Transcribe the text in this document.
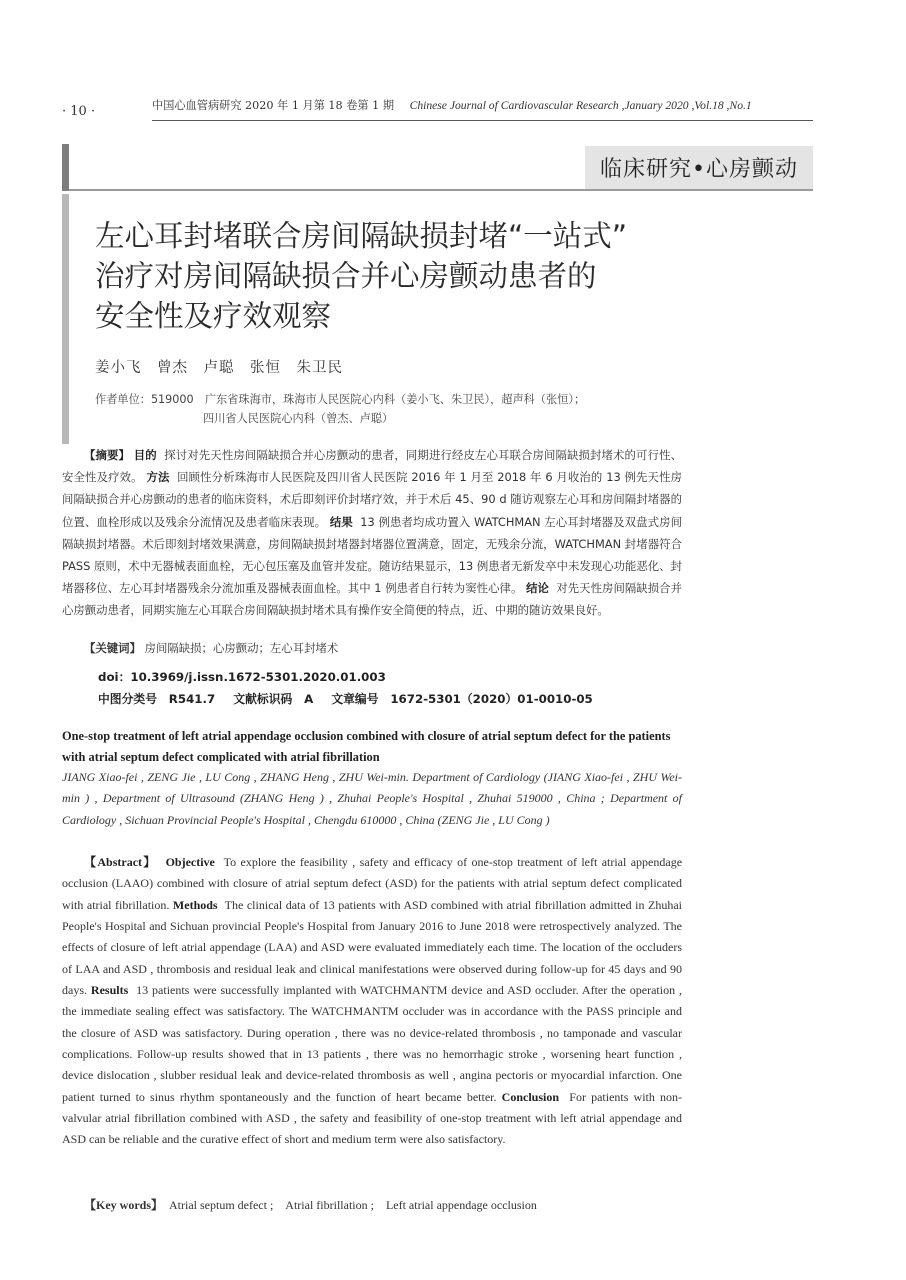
· 10 ·	中国心血管病研究 2020 年 1 月第 18 卷第 1 期 Chinese Journal of Cardiovascular Research ,January 2020 ,Vol.18 ,No.1
临床研究•心房颤动
左心耳封堵联合房间隔缺损封堵“一站式”
治疗对房间隔缺损合并心房颤动患者的
安全性及疗效观察
姜小飞　曾杰　卢聪　张恒　朱卫民
作者单位：519000　广东省珠海市，珠海市人民医院心内科（姜小飞、朱卫民），超声科（张恒）；
四川省人民医院心内科（曾杰、卢聪）
【摘要】 目的 探讨对先天性房间隔缺损合并心房颤动的患者，同期进行经皮左心耳联合房间隔缺损封堵术的可行性、安全性及疗效。 方法 回顾性分析珠海市人民医院及四川省人民医院 2016 年 1 月至 2018 年 6 月收治的 13 例先天性房间隔缺损合并心房颤动的患者的临床资料，术后即刻评价封堵疗效，并于术后 45、90 d 随访观察左心耳和房间隔封堵器的位置、血栓形成以及残余分流情况及患者临床表现。 结果 13 例患者均成功置入 WATCHMAN 左心耳封堵器及双盘式房间隔缺损封堵器。术后即刻封堵效果满意，房间隔缺损封堵器封堵器位置满意，固定，无残余分流，WATCHMAN 封堵器符合 PASS 原则，术中无器械表面血栓，无心包压塞及血管并发症。随访结果显示，13 例患者无新发卒中未发现心功能恶化、封堵器移位、左心耳封堵器残余分流加重及器械表面血栓。其中 1 例患者自行转为窦性心律。 结论 对先天性房间隔缺损合并心房颤动患者，同期实施左心耳联合房间隔缺损封堵术具有操作安全简便的特点，近、中期的随访效果良好。
【关键词】 房间隔缺损；心房颤动；左心耳封堵术
doi：10.3969/j.issn.1672-5301.2020.01.003
中图分类号　R541.7 文献标识码　A 文章编号　1672-5301（2020）01-0010-05
One-stop treatment of left atrial appendage occlusion combined with closure of atrial septum defect for the patients with atrial septum defect complicated with atrial fibrillation
JIANG Xiao-fei , ZENG Jie , LU Cong , ZHANG Heng , ZHU Wei-min. Department of Cardiology (JIANG Xiao-fei , ZHU Wei-min ) , Department of Ultrasound (ZHANG Heng ) , Zhuhai People's Hospital , Zhuhai 519000 , China ; Department of Cardiology , Sichuan Provincial People's Hospital , Chengdu 610000 , China (ZENG Jie , LU Cong )
【Abstract】 Objective To explore the feasibility , safety and efficacy of one-stop treatment of left atrial appendage occlusion (LAAO) combined with closure of atrial septum defect (ASD) for the patients with atrial septum defect complicated with atrial fibrillation. Methods The clinical data of 13 patients with ASD combined with atrial fibrillation admitted in Zhuhai People's Hospital and Sichuan provincial People's Hospital from January 2016 to June 2018 were retrospectively analyzed. The effects of closure of left atrial appendage (LAA) and ASD were evaluated immediately each time. The location of the occluders of LAA and ASD , thrombosis and residual leak and clinical manifestations were observed during follow-up for 45 days and 90 days. Results 13 patients were successfully implanted with WATCHMANTM device and ASD occluder. After the operation , the immediate sealing effect was satisfactory. The WATCHMANTM occluder was in accordance with the PASS principle and the closure of ASD was satisfactory. During operation , there was no device-related thrombosis , no tamponade and vascular complications. Follow-up results showed that in 13 patients , there was no hemorrhagic stroke , worsening heart function , device dislocation , slubber residual leak and device-related thrombosis as well , angina pectoris or myocardial infarction. One patient turned to sinus rhythm spontaneously and the function of heart became better. Conclusion For patients with non-valvular atrial fibrillation combined with ASD , the safety and feasibility of one-stop treatment with left atrial appendage and ASD can be reliable and the curative effect of short and medium term were also satisfactory.
【Key words】 Atrial septum defect ;　Atrial fibrillation ;　Left atrial appendage occlusion
